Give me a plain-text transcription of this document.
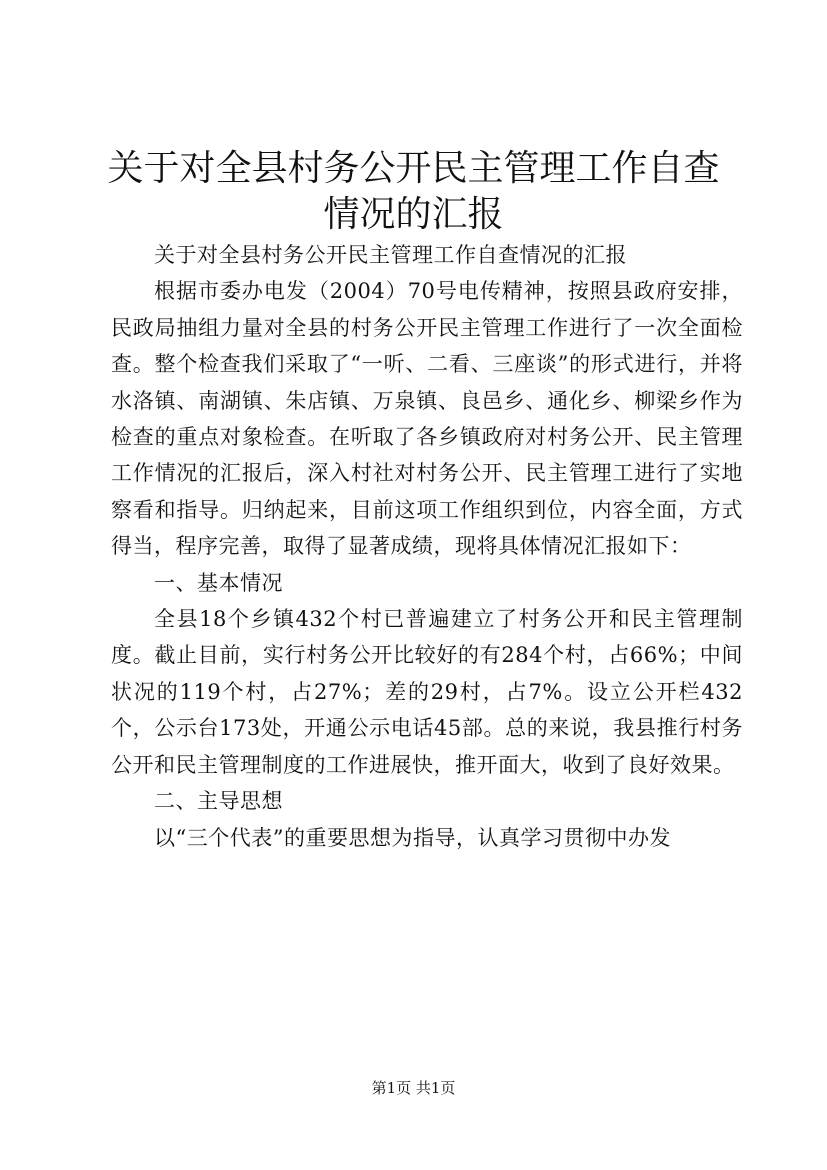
关于对全县村务公开民主管理工作自查情况的汇报

关于对全县村务公开民主管理工作自查情况的汇报

根据市委办电发（2004）70号电传精神，按照县政府安排，民政局抽组力量对全县的村务公开民主管理工作进行了一次全面检查。整个检查我们采取了“一听、二看、三座谈”的形式进行，并将水洛镇、南湖镇、朱店镇、万泉镇、良邑乡、通化乡、柳梁乡作为检查的重点对象检查。在听取了各乡镇政府对村务公开、民主管理工作情况的汇报后，深入村社对村务公开、民主管理工进行了实地察看和指导。归纳起来，目前这项工作组织到位，内容全面，方式得当，程序完善，取得了显著成绩，现将具体情况汇报如下：

一、基本情况

全县18个乡镇432个村已普遍建立了村务公开和民主管理制度。截止目前，实行村务公开比较好的有284个村，占66%；中间状况的119个村，占27%；差的29村，占7%。设立公开栏432个，公示台173处，开通公示电话45部。总的来说，我县推行村务公开和民主管理制度的工作进展快，推开面大，收到了良好效果。

二、主导思想

以“三个代表”的重要思想为指导，认真学习贯彻中办发

第1页 共1页
